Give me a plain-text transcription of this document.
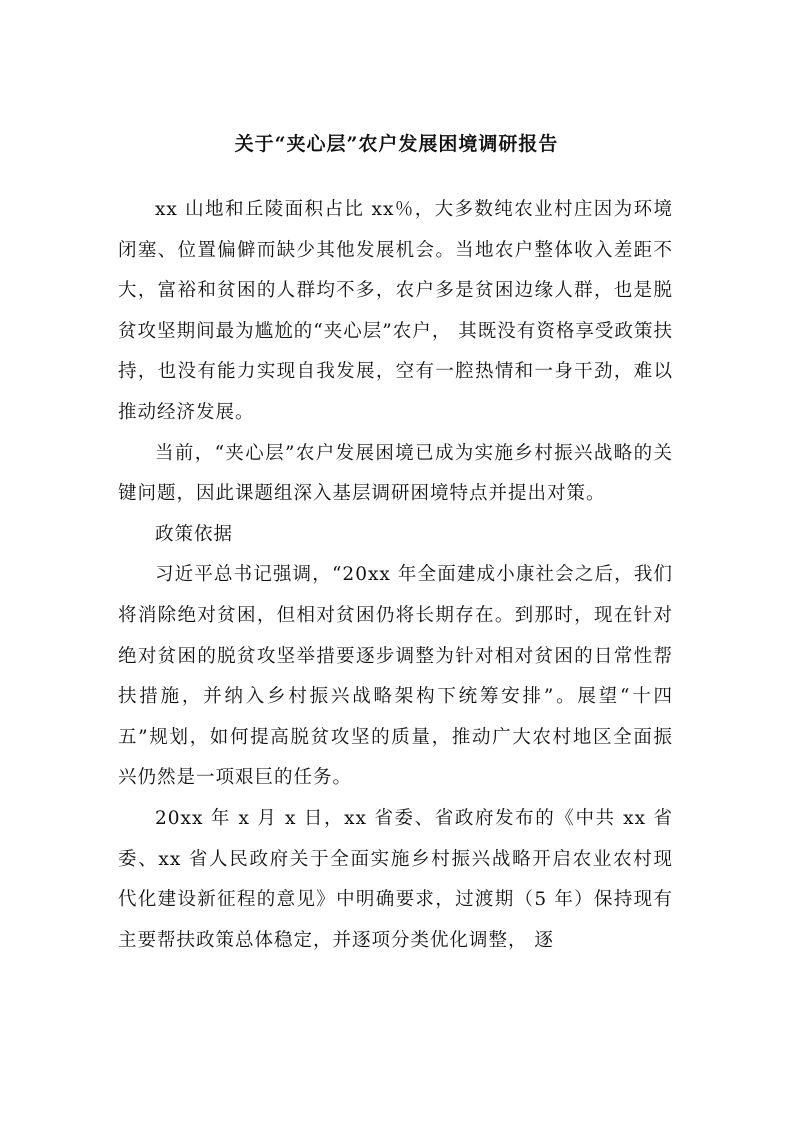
关于“夹心层”农户发展困境调研报告

xx 山地和丘陵面积占比 xx％，大多数纯农业村庄因为环境闭塞、位置偏僻而缺少其他发展机会。当地农户整体收入差距不大，富裕和贫困的人群均不多，农户多是贫困边缘人群，也是脱贫攻坚期间最为尴尬的“夹心层”农户， 其既没有资格享受政策扶持，也没有能力实现自我发展，空有一腔热情和一身干劲，难以推动经济发展。

当前，“夹心层”农户发展困境已成为实施乡村振兴战略的关键问题，因此课题组深入基层调研困境特点并提出对策。

政策依据

习近平总书记强调，“20xx 年全面建成小康社会之后，我们将消除绝对贫困，但相对贫困仍将长期存在。到那时，现在针对绝对贫困的脱贫攻坚举措要逐步调整为针对相对贫困的日常性帮扶措施，并纳入乡村振兴战略架构下统筹安排”。展望“十四五”规划，如何提高脱贫攻坚的质量，推动广大农村地区全面振兴仍然是一项艰巨的任务。

20xx 年 x 月 x 日，xx 省委、省政府发布的《中共 xx 省委、xx 省人民政府关于全面实施乡村振兴战略开启农业农村现代化建设新征程的意见》中明确要求，过渡期（5 年）保持现有主要帮扶政策总体稳定，并逐项分类优化调整， 逐
